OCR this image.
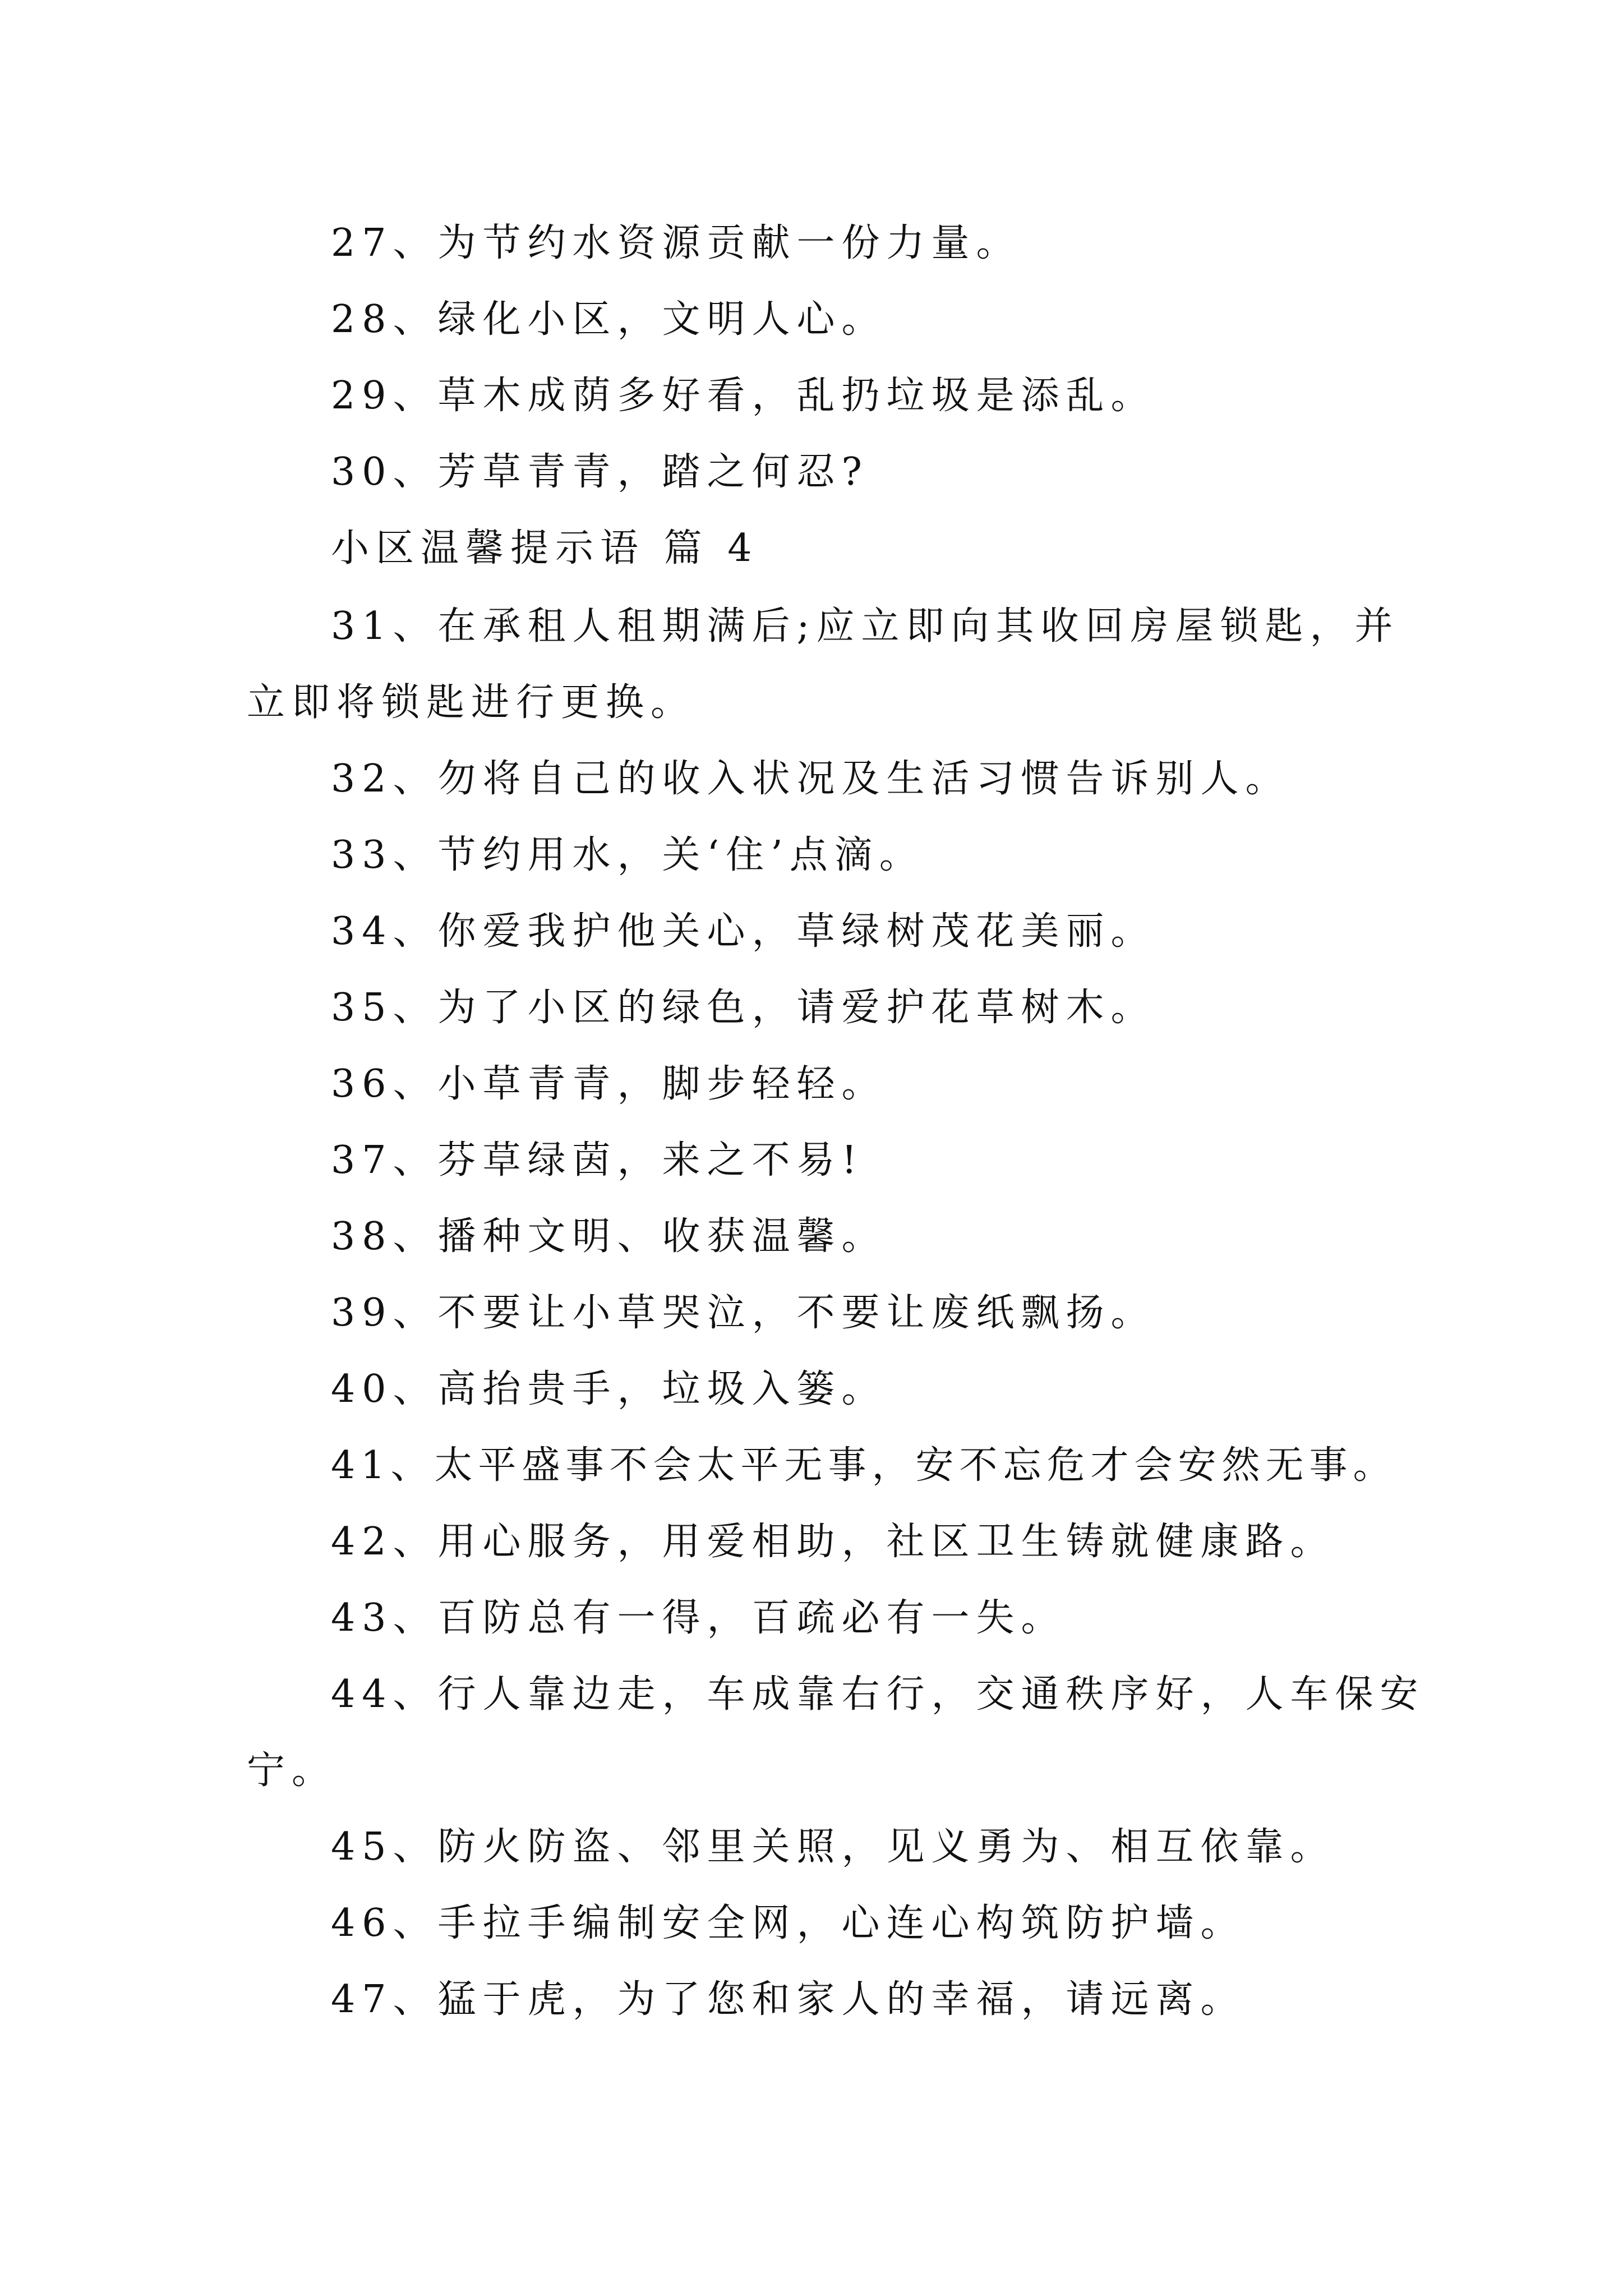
27、为节约水资源贡献一份力量。
28、绿化小区，文明人心。
29、草木成荫多好看，乱扔垃圾是添乱。
30、芳草青青，踏之何忍?
小区温馨提示语 篇 4
31、在承租人租期满后;应立即向其收回房屋锁匙，并
立即将锁匙进行更换。
32、勿将自己的收入状况及生活习惯告诉别人。
33、节约用水，关‘住’点滴。
34、你爱我护他关心，草绿树茂花美丽。
35、为了小区的绿色，请爱护花草树木。
36、小草青青，脚步轻轻。
37、芬草绿茵，来之不易!
38、播种文明、收获温馨。
39、不要让小草哭泣，不要让废纸飘扬。
40、高抬贵手，垃圾入篓。
41、太平盛事不会太平无事，安不忘危才会安然无事。
42、用心服务，用爱相助，社区卫生铸就健康路。
43、百防总有一得，百疏必有一失。
44、行人靠边走，车成靠右行，交通秩序好，人车保安
宁。
45、防火防盗、邻里关照，见义勇为、相互依靠。
46、手拉手编制安全网，心连心构筑防护墙。
47、猛于虎，为了您和家人的幸福，请远离。
